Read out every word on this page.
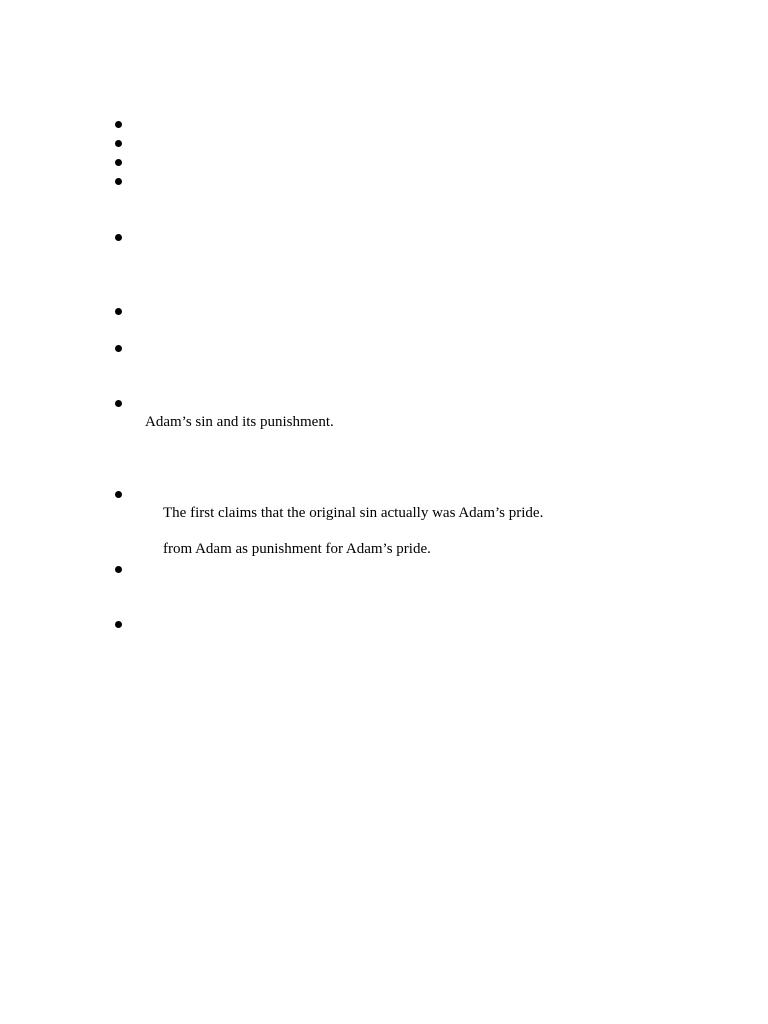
Adam’s sin and its punishment.
The first claims that the original sin actually was Adam’s pride.
from Adam as punishment for Adam’s pride.
